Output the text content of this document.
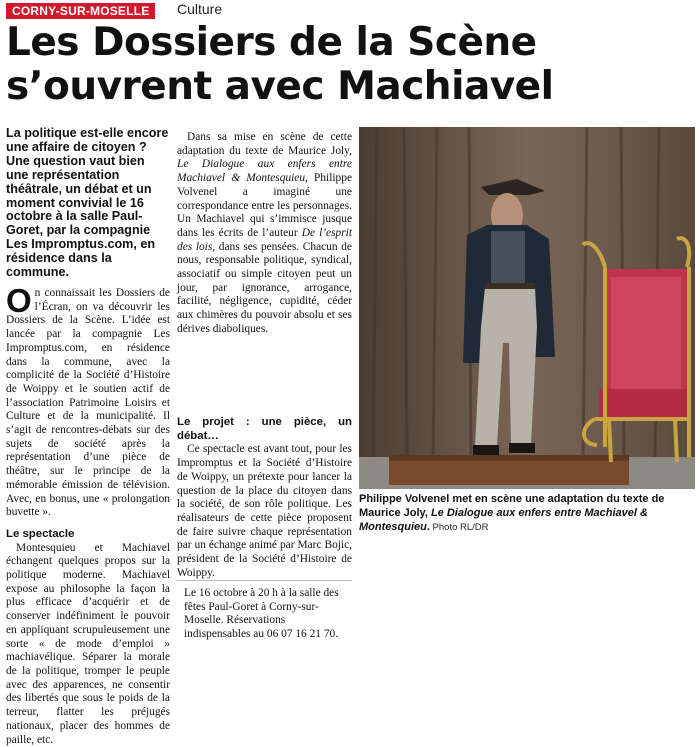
CORNY-SUR-MOSELLE	Culture
Les Dossiers de la Scène
s’ouvrent avec Machiavel
La politique est-elle encore une affaire de citoyen ? Une question vaut bien une représentation théâtrale, un débat et un moment convivial le 16 octobre à la salle Paul-Goret, par la compagnie Les Impromptus.com, en résidence dans la commune.

On connaissait les Dossiers de l’Écran, on va découvrir les Dossiers de la Scène. L’idée est lancée par la compagnie Les Impromptus.com, en résidence dans la commune, avec la complicité de la Société d’Histoire de Woippy et le soutien actif de l’association Patrimoine Loisirs et Culture et de la municipalité. Il s’agit de rencontres-débats sur des sujets de société après la représentation d’une pièce de théâtre, sur le principe de la mémorable émission de télévision. Avec, en bonus, une « prolongation buvette ».

Le spectacle

Montesquieu et Machiavel échangent quelques propos sur la politique moderne. Machiavel expose au philosophe la façon la plus efficace d’acquérir et de conserver indéfiniment le pouvoir en appliquant scrupuleusement une sorte « de mode d’emploi » machiavélique. Séparer la morale de la politique, tromper le peuple avec des apparences, ne consentir des libertés que sous le poids de la terreur, flatter les préjugés nationaux, placer des hommes de paille, etc.

Dans sa mise en scène de cette adaptation du texte de Maurice Joly, Le Dialogue aux enfers entre Machiavel & Montesquieu, Philippe Volvenel a imaginé une correspondance entre les personnages. Un Machiavel qui s’immisce jusque dans les écrits de l’auteur De l’esprit des lois, dans ses pensées. Chacun de nous, responsable politique, syndical, associatif ou simple citoyen peut un jour, par ignorance, arrogance, facilité, négligence, cupidité, céder aux chimères du pouvoir absolu et ses dérives diaboliques.

Le projet : une pièce, un débat…

Ce spectacle est avant tout, pour les Impromptus et la Société d’Histoire de Woippy, un prétexte pour lancer la question de la place du citoyen dans la société, de son rôle politique. Les réalisateurs de cette pièce proposent de faire suivre chaque représentation par un échange animé par Marc Bojic, président de la Société d’Histoire de Woippy.

Le 16 octobre à 20 h à la salle des fêtes Paul-Goret à Corny-sur-Moselle. Réservations indispensables au 06 07 16 21 70.
Philippe Volvenel met en scène une adaptation du texte de Maurice Joly, Le Dialogue aux enfers entre Machiavel & Montesquieu. Photo RL/DR
